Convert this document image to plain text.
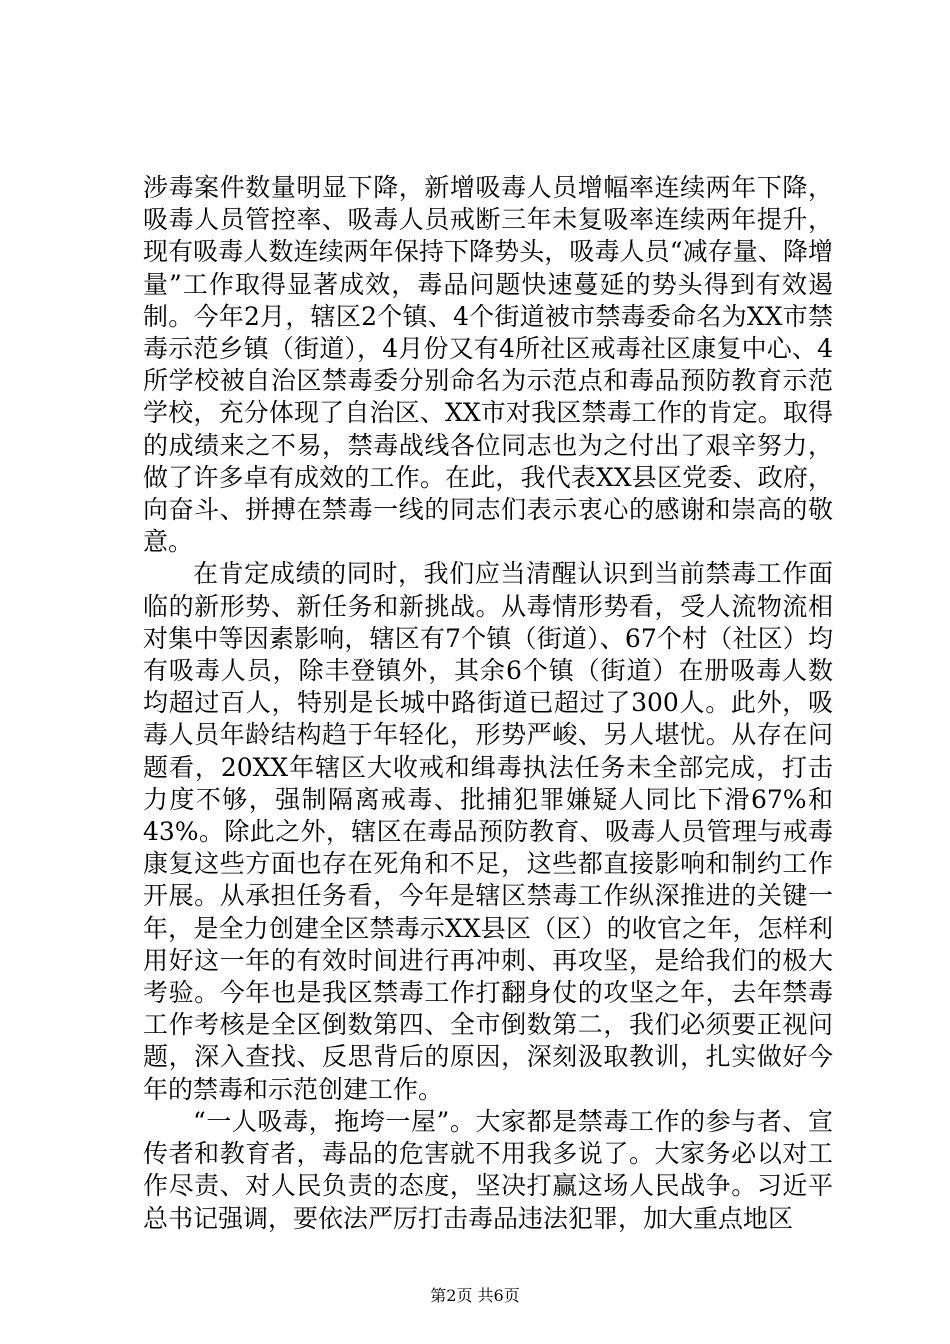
涉毒案件数量明显下降，新增吸毒人员增幅率连续两年下降，吸毒人员管控率、吸毒人员戒断三年未复吸率连续两年提升，现有吸毒人数连续两年保持下降势头，吸毒人员“减存量、降增量”工作取得显著成效，毒品问题快速蔓延的势头得到有效遏制。今年2月，辖区2个镇、4个街道被市禁毒委命名为XX市禁毒示范乡镇（街道），4月份又有4所社区戒毒社区康复中心、4所学校被自治区禁毒委分别命名为示范点和毒品预防教育示范学校，充分体现了自治区、XX市对我区禁毒工作的肯定。取得的成绩来之不易，禁毒战线各位同志也为之付出了艰辛努力，做了许多卓有成效的工作。在此，我代表XX县区党委、政府，向奋斗、拼搏在禁毒一线的同志们表示衷心的感谢和崇高的敬意。

在肯定成绩的同时，我们应当清醒认识到当前禁毒工作面临的新形势、新任务和新挑战。从毒情形势看，受人流物流相对集中等因素影响，辖区有7个镇（街道）、67个村（社区）均有吸毒人员，除丰登镇外，其余6个镇（街道）在册吸毒人数均超过百人，特别是长城中路街道已超过了300人。此外，吸毒人员年龄结构趋于年轻化，形势严峻、另人堪忧。从存在问题看，20XX年辖区大收戒和缉毒执法任务未全部完成，打击力度不够，强制隔离戒毒、批捕犯罪嫌疑人同比下滑67%和43%。除此之外，辖区在毒品预防教育、吸毒人员管理与戒毒康复这些方面也存在死角和不足，这些都直接影响和制约工作开展。从承担任务看，今年是辖区禁毒工作纵深推进的关键一年，是全力创建全区禁毒示XX县区（区）的收官之年，怎样利用好这一年的有效时间进行再冲刺、再攻坚，是给我们的极大考验。今年也是我区禁毒工作打翻身仗的攻坚之年，去年禁毒工作考核是全区倒数第四、全市倒数第二，我们必须要正视问题，深入查找、反思背后的原因，深刻汲取教训，扎实做好今年的禁毒和示范创建工作。

“一人吸毒，拖垮一屋”。大家都是禁毒工作的参与者、宣传者和教育者，毒品的危害就不用我多说了。大家务必以对工作尽责、对人民负责的态度，坚决打赢这场人民战争。习近平总书记强调，要依法严厉打击毒品违法犯罪，加大重点地区

第2页 共6页
